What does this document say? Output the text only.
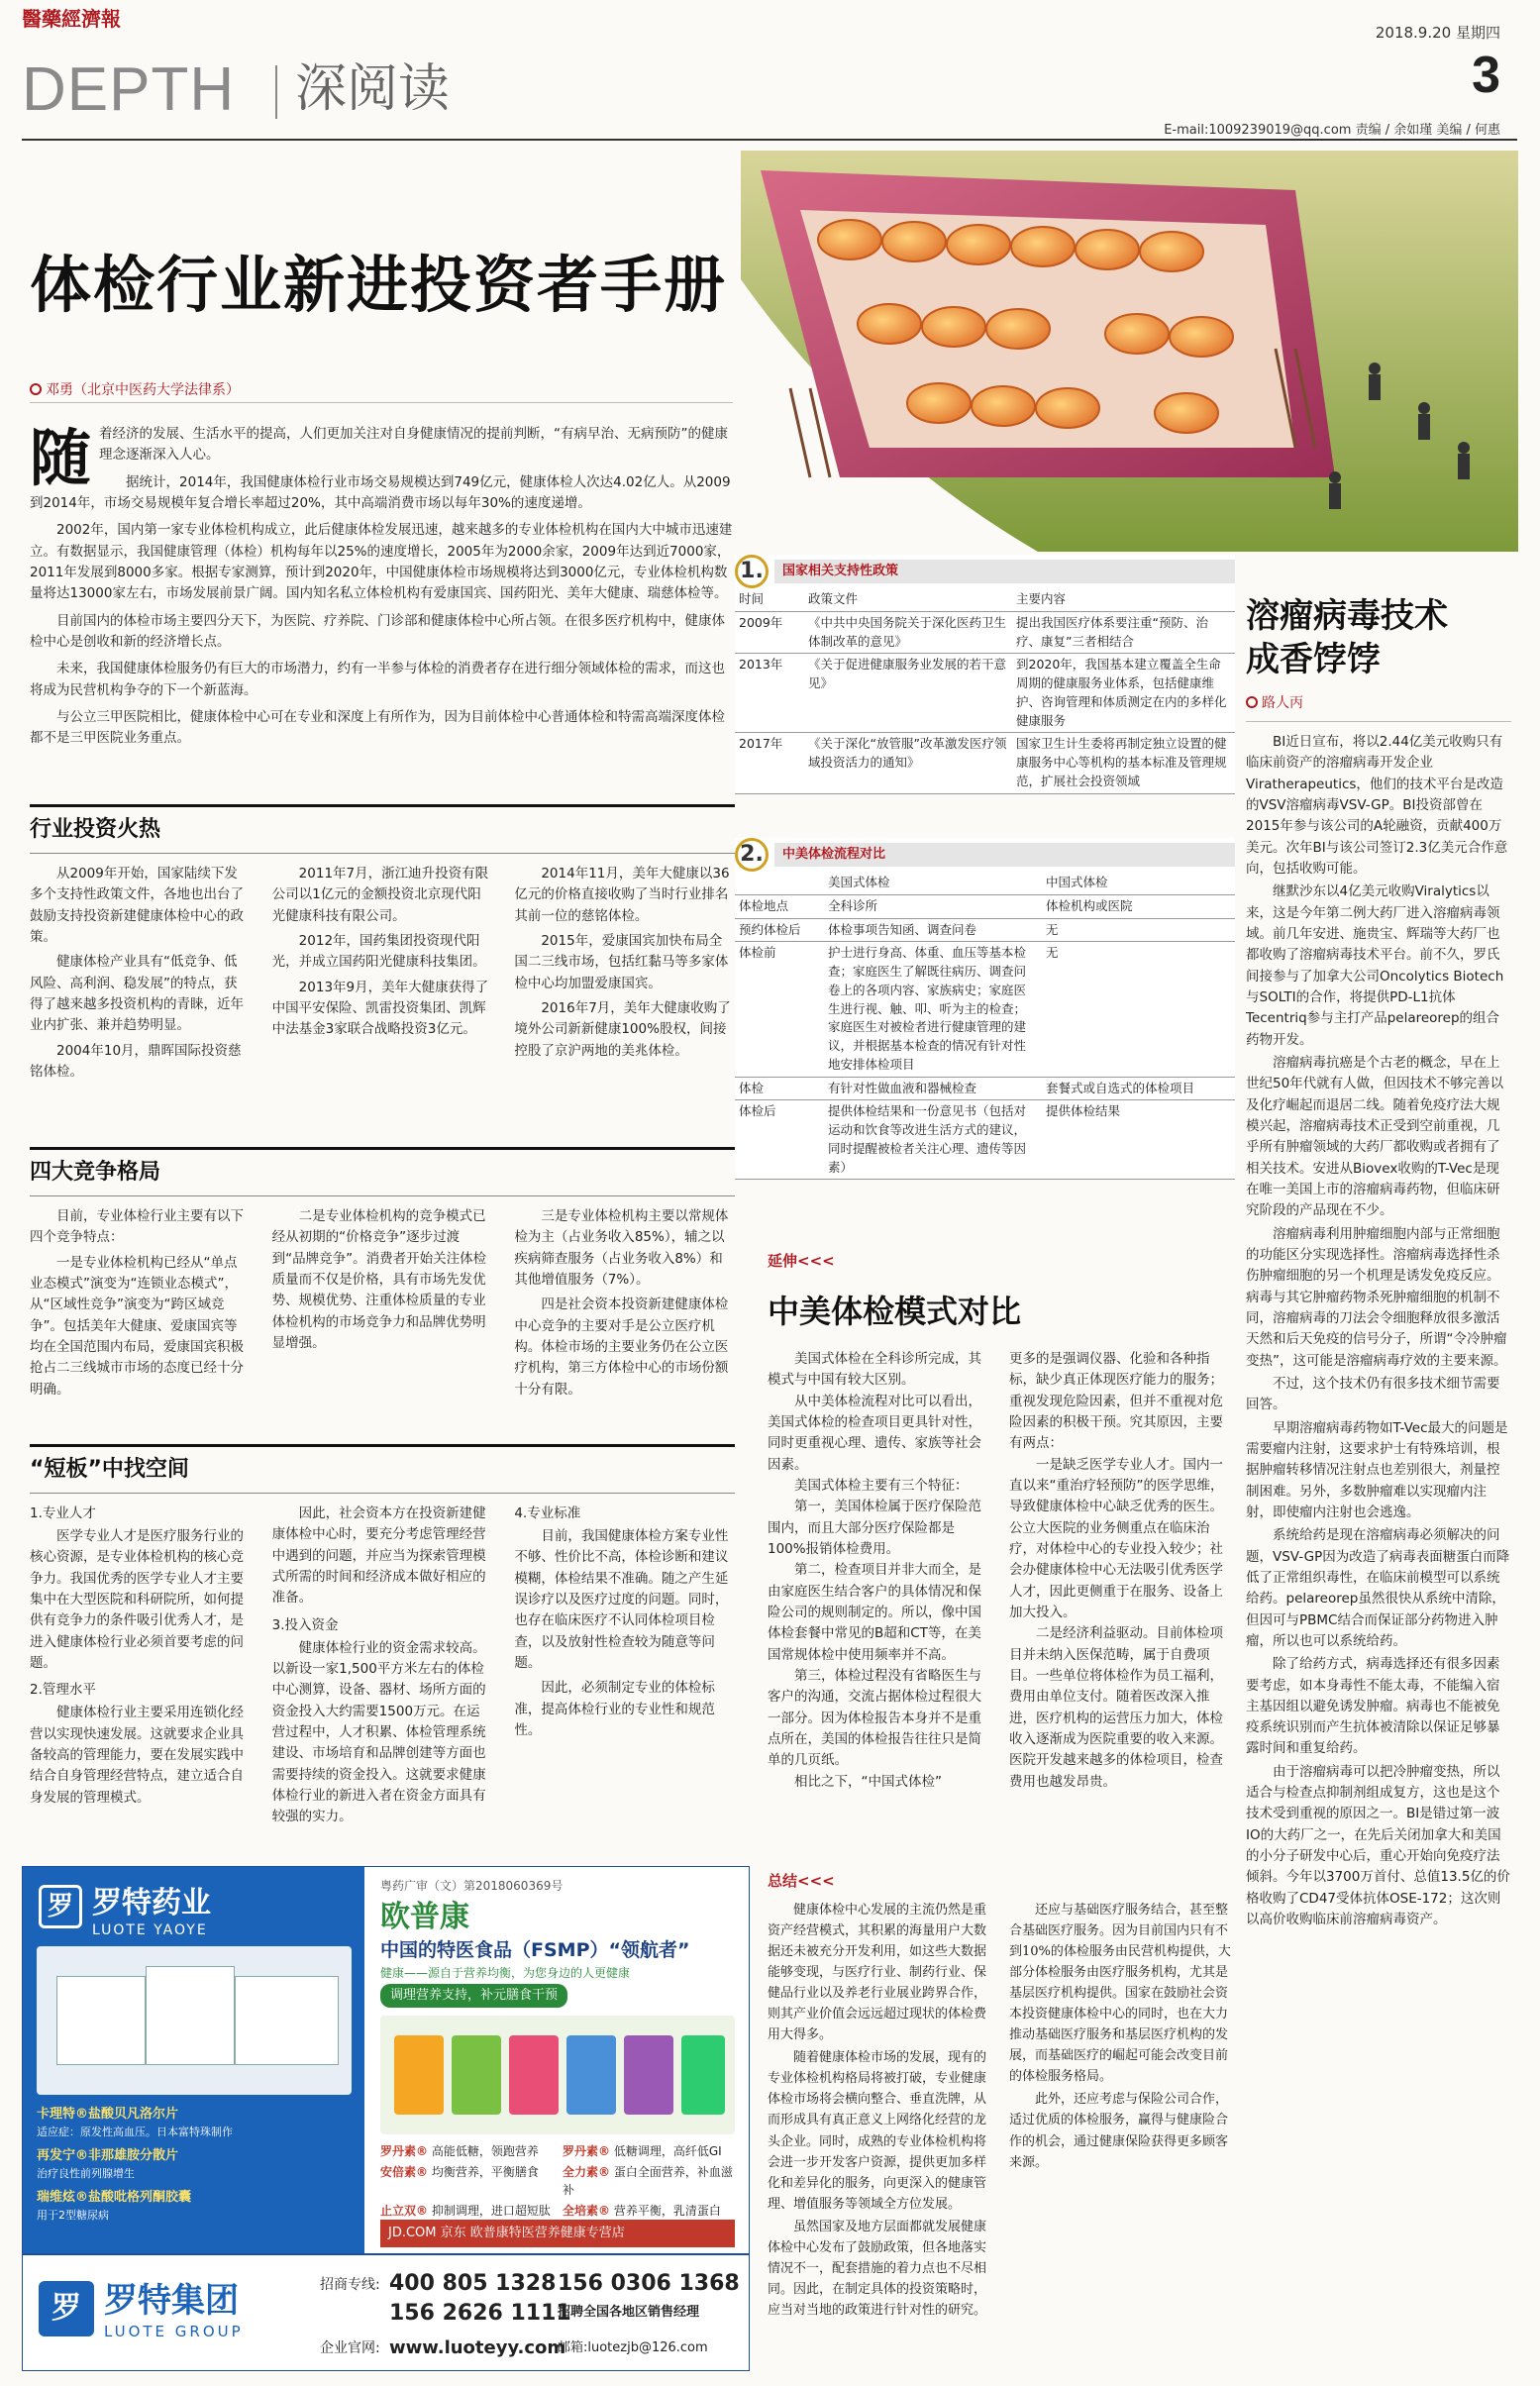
醫藥經濟報
2018.9.20 星期四
3
DEPTH 深阅读
E-mail:1009239019@qq.com 责编 / 余如瑾 美编 / 何惠
体检行业新进投资者手册
邓勇（北京中医药大学法律系）

随着经济的发展、生活水平的提高，人们更加关注对自身健康情况的提前判断，“有病早治、无病预防”的健康理念逐渐深入人心。

据统计，2014年，我国健康体检行业市场交易规模达到749亿元，健康体检人次达4.02亿人。从2009到2014年，市场交易规模年复合增长率超过20%，其中高端消费市场以每年30%的速度递增。

2002年，国内第一家专业体检机构成立，此后健康体检发展迅速，越来越多的专业体检机构在国内大中城市迅速建立。有数据显示，我国健康管理（体检）机构每年以25%的速度增长，2005年为2000余家，2009年达到近7000家，2011年发展到8000多家。根据专家测算，预计到2020年，中国健康体检市场规模将达到3000亿元，专业体检机构数量将达13000家左右，市场发展前景广阔。国内知名私立体检机构有爱康国宾、国药阳光、美年大健康、瑞慈体检等。

目前国内的体检市场主要四分天下，为医院、疗养院、门诊部和健康体检中心所占领。在很多医疗机构中，健康体检中心是创收和新的经济增长点。

未来，我国健康体检服务仍有巨大的市场潜力，约有一半参与体检的消费者存在进行细分领域体检的需求，而这也将成为民营机构争夺的下一个新蓝海。

与公立三甲医院相比，健康体检中心可在专业和深度上有所作为，因为目前体检中心普通体检和特需高端深度体检都不是三甲医院业务重点。

行业投资火热

从2009年开始，国家陆续下发多个支持性政策文件，各地也出台了鼓励支持投资新建健康体检中心的政策。

健康体检产业具有“低竞争、低风险、高利润、稳发展”的特点，获得了越来越多投资机构的青睐，近年业内扩张、兼并趋势明显。

2004年10月，鼎晖国际投资慈铭体检。

2011年7月，浙江迪升投资有限公司以1亿元的金额投资北京现代阳光健康科技有限公司。

2012年，国药集团投资现代阳光，并成立国药阳光健康科技集团。

2013年9月，美年大健康获得了中国平安保险、凯雷投资集团、凯辉中法基金3家联合战略投资3亿元。

2014年11月，美年大健康以36亿元的价格直接收购了当时行业排名其前一位的慈铭体检。

2015年，爱康国宾加快布局全国二三线市场，包括红黏马等多家体检中心均加盟爱康国宾。

2016年7月，美年大健康收购了境外公司新新健康100%股权，间接控股了京沪两地的美兆体检。

四大竞争格局

目前，专业体检行业主要有以下四个竞争特点：

一是专业体检机构已经从“单点业态模式”演变为“连锁业态模式”，从“区域性竞争”演变为“跨区域竞争”。包括美年大健康、爱康国宾等均在全国范围内布局，爱康国宾积极抢占二三线城市市场的态度已经十分明确。

二是专业体检机构的竞争模式已经从初期的“价格竞争”逐步过渡到“品牌竞争”。消费者开始关注体检质量而不仅是价格，具有市场先发优势、规模优势、注重体检质量的专业体检机构的市场竞争力和品牌优势明显增强。

三是专业体检机构主要以常规体检为主（占业务收入85%），辅之以疾病筛查服务（占业务收入8%）和其他增值服务（7%）。

四是社会资本投资新建健康体检中心竞争的主要对手是公立医疗机构。体检市场的主要业务仍在公立医疗机构，第三方体检中心的市场份额十分有限。

“短板”中找空间

1.专业人才

医学专业人才是医疗服务行业的核心资源，是专业体检机构的核心竞争力。我国优秀的医学专业人才主要集中在大型医院和科研院所，如何提供有竞争力的条件吸引优秀人才，是进入健康体检行业必须首要考虑的问题。

2.管理水平

健康体检行业主要采用连锁化经营以实现快速发展。这就要求企业具备较高的管理能力，要在发展实践中结合自身管理经营特点，建立适合自身发展的管理模式。

因此，社会资本方在投资新建健康体检中心时，要充分考虑管理经营中遇到的问题，并应当为探索管理模式所需的时间和经济成本做好相应的准备。

3.投入资金

健康体检行业的资金需求较高。以新设一家1,500平方米左右的体检中心测算，设备、器材、场所方面的资金投入大约需要1500万元。在运营过程中，人才积累、体检管理系统建设、市场培育和品牌创建等方面也需要持续的资金投入。这就要求健康体检行业的新进入者在资金方面具有较强的实力。

4.专业标准

目前，我国健康体检方案专业性不够、性价比不高，体检诊断和建议模糊，体检结果不准确。随之产生延误诊疗以及医疗过度的问题。同时，也存在临床医疗不认同体检项目检查，以及放射性检查较为随意等问题。

因此，必须制定专业的体检标准，提高体检行业的专业性和规范性。

1.	国家相关支持性政策
时间	政策文件	主要内容
2009年	《中共中央国务院关于深化医药卫生体制改革的意见》	提出我国医疗体系要注重“预防、治疗、康复”三者相结合
2013年	《关于促进健康服务业发展的若干意见》	到2020年，我国基本建立覆盖全生命周期的健康服务业体系，包括健康维护、咨询管理和体质测定在内的多样化健康服务
2017年	《关于深化“放管服”改革激发医疗领域投资活力的通知》	国家卫生计生委将再制定独立设置的健康服务中心等机构的基本标准及管理规范，扩展社会投资领域
2.	中美体检流程对比
	美国式体检	中国式体检
体检地点	全科诊所	体检机构或医院
预约体检后	体检事项告知函、调查问卷	无
体检前	护士进行身高、体重、血压等基本检查；家庭医生了解既往病历、调查问卷上的各项内容、家族病史；家庭医生进行视、触、叩、听为主的检查；家庭医生对被检者进行健康管理的建议，并根据基本检查的情况有针对性地安排体检项目	无
体检	有针对性做血液和器械检查	套餐式或自选式的体检项目
体检后	提供体检结果和一份意见书（包括对运动和饮食等改进生活方式的建议，同时提醒被检者关注心理、遗传等因素）	提供体检结果
延伸<<<
中美体检模式对比

美国式体检在全科诊所完成，其模式与中国有较大区别。

从中美体检流程对比可以看出，美国式体检的检查项目更具针对性，同时更重视心理、遗传、家族等社会因素。

美国式体检主要有三个特征：

第一，美国体检属于医疗保险范围内，而且大部分医疗保险都是100%报销体检费用。

第二，检查项目并非大而全，是由家庭医生结合客户的具体情况和保险公司的规则制定的。所以，像中国体检套餐中常见的B超和CT等，在美国常规体检中使用频率并不高。

第三，体检过程没有省略医生与客户的沟通，交流占据体检过程很大一部分。因为体检报告本身并不是重点所在，美国的体检报告往往只是简单的几页纸。

相比之下，“中国式体检”

更多的是强调仪器、化验和各种指标，缺少真正体现医疗能力的服务；重视发现危险因素，但并不重视对危险因素的积极干预。究其原因，主要有两点：

一是缺乏医学专业人才。国内一直以来“重治疗轻预防”的医学思维，导致健康体检中心缺乏优秀的医生。公立大医院的业务侧重点在临床治疗，对体检中心的专业投入较少；社会办健康体检中心无法吸引优秀医学人才，因此更侧重于在服务、设备上加大投入。

二是经济利益驱动。目前体检项目并未纳入医保范畴，属于自费项目。一些单位将体检作为员工福利，费用由单位支付。随着医改深入推进，医疗机构的运营压力加大，体检收入逐渐成为医院重要的收入来源。医院开发越来越多的体检项目，检查费用也越发昂贵。

总结<<<

健康体检中心发展的主流仍然是重资产经营模式，其积累的海量用户大数据还未被充分开发利用，如这些大数据能够变现，与医疗行业、制药行业、保健品行业以及养老行业展业跨界合作，则其产业价值会远远超过现状的体检费用大得多。

随着健康体检市场的发展，现有的专业体检机构格局将被打破，专业健康体检市场将会横向整合、垂直洗牌，从而形成具有真正意义上网络化经营的龙头企业。同时，成熟的专业体检机构将会进一步开发客户资源，提供更加多样化和差异化的服务，向更深入的健康管理、增值服务等领域全方位发展。

虽然国家及地方层面都就发展健康体检中心发布了鼓励政策，但各地落实情况不一，配套措施的着力点也不尽相同。因此，在制定具体的投资策略时，应当对当地的政策进行针对性的研究。

还应与基础医疗服务结合，甚至整合基础医疗服务。因为目前国内只有不到10%的体检服务由民营机构提供，大部分体检服务由医疗服务机构，尤其是基层医疗机构提供。国家在鼓励社会资本投资健康体检中心的同时，也在大力推动基础医疗服务和基层医疗机构的发展，而基础医疗的崛起可能会改变目前的体检服务格局。

此外，还应考虑与保险公司合作，适过优质的体检服务，赢得与健康险合作的机会，通过健康保险获得更多顾客来源。

溶瘤病毒技术
成香饽饽
路人丙

BI近日宣布，将以2.44亿美元收购只有临床前资产的溶瘤病毒开发企业Viratherapeutics，他们的技术平台是改造的VSV溶瘤病毒VSV-GP。BI投资部曾在2015年参与该公司的A轮融资，贡献400万美元。次年BI与该公司签订2.3亿美元合作意向，包括收购可能。

继默沙东以4亿美元收购Viralytics以来，这是今年第二例大药厂进入溶瘤病毒领域。前几年安进、施贵宝、辉瑞等大药厂也都收购了溶瘤病毒技术平台。前不久，罗氏间接参与了加拿大公司Oncolytics Biotech与SOLTI的合作，将提供PD-L1抗体Tecentriq参与主打产品pelareorep的组合药物开发。

溶瘤病毒抗癌是个古老的概念，早在上世纪50年代就有人做，但因技术不够完善以及化疗崛起而退居二线。随着免疫疗法大规模兴起，溶瘤病毒技术正受到空前重视，几乎所有肿瘤领域的大药厂都收购或者拥有了相关技术。安进从Biovex收购的T-Vec是现在唯一美国上市的溶瘤病毒药物，但临床研究阶段的产品现在不少。

溶瘤病毒利用肿瘤细胞内部与正常细胞的功能区分实现选择性。溶瘤病毒选择性杀伤肿瘤细胞的另一个机理是诱发免疫反应。病毒与其它肿瘤药物杀死肿瘤细胞的机制不同，溶瘤病毒的刀法会令细胞释放很多激活天然和后天免疫的信号分子，所谓“令冷肿瘤变热”，这可能是溶瘤病毒疗效的主要来源。

不过，这个技术仍有很多技术细节需要回答。

早期溶瘤病毒药物如T-Vec最大的问题是需要瘤内注射，这要求护士有特殊培训，根据肿瘤转移情况注射点也差别很大，剂量控制困难。另外，多数肿瘤难以实现瘤内注射，即使瘤内注射也会逃逸。

系统给药是现在溶瘤病毒必须解决的问题，VSV-GP因为改造了病毒表面糖蛋白而降低了正常组织毒性，在临床前模型可以系统给药。pelareorep虽然很快从系统中清除，但因可与PBMC结合而保证部分药物进入肿瘤，所以也可以系统给药。

除了给药方式，病毒选择还有很多因素要考虑，如本身毒性不能太毒，不能编入宿主基因组以避免诱发肿瘤。病毒也不能被免疫系统识别而产生抗体被清除以保证足够暴露时间和重复给药。

由于溶瘤病毒可以把冷肿瘤变热，所以适合与检查点抑制剂组成复方，这也是这个技术受到重视的原因之一。BI是错过第一波IO的大药厂之一，在先后关闭加拿大和美国的小分子研发中心后，重心开始向免疫疗法倾斜。今年以3700万首付、总值13.5亿的价格收购了CD47受体抗体OSE-172；这次则以高价收购临床前溶瘤病毒资产。

罗 罗特药业
LUOTE YAOYE
卡理特®盐酸贝凡洛尔片
适应症：原发性高血压。日本富特珠制作
再发宁®非那雄胺分散片
治疗良性前列腺增生
瑞维炫®盐酸吡格列酮胶囊
用于2型糖尿病
粤药广审（文）第2018060369号
欧普康
中国的特医食品（FSMP）“领航者”
健康——源自于营养均衡，为您身边的人更健康
调理营养支持，补元膳食干预
罗丹素® 高能低糖，领跑营养	罗丹素® 低糖调理，高纤低GI
安倍素® 均衡营养，平衡膳食	全力素® 蛋白全面营养，补血滋补
止立双® 抑制调理，进口超短肽 全培素® 营养平衡，乳清蛋白
JD.COM 京东 欧普康特医营养健康专营店
罗 罗特集团
LUOTE GROUP
招商专线: 400 805 1328 156 0306 1368
156 2626 1111
招聘全国各地区销售经理
企业官网: www.luoteyy.com
邮箱:luotezjb@126.com
